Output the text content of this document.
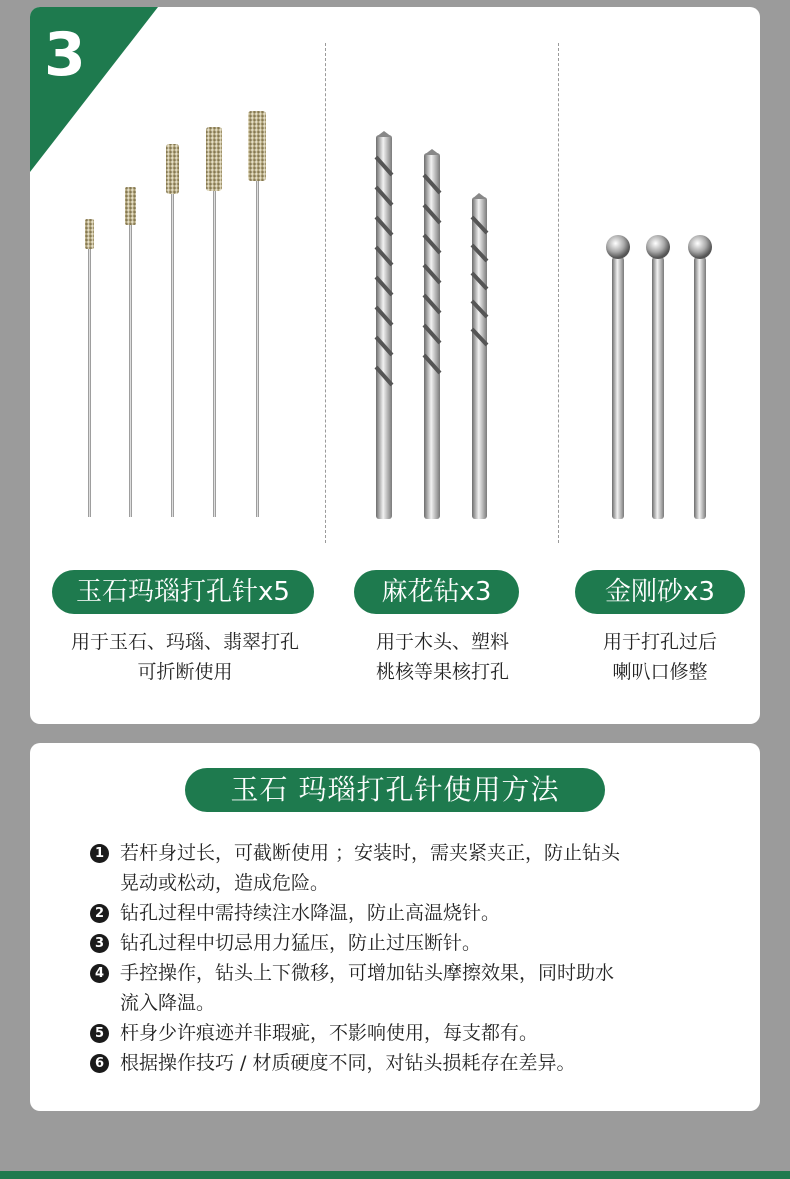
3
玉石玛瑙打孔针x5
用于玉石、玛瑙、翡翠打孔
可折断使用
麻花钻x3
用于木头、塑料
桃核等果核打孔
金刚砂x3
用于打孔过后
喇叭口修整
玉石 玛瑙打孔针使用方法
1 若杆身过长，可截断使用 ；安装时，需夹紧夹正，防止钻头
晃动或松动，造成危险。
2 钻孔过程中需持续注水降温，防止高温烧针。
3 钻孔过程中切忌用力猛压，防止过压断针。
4 手控操作，钻头上下微移，可增加钻头摩擦效果，同时助水
流入降温。
5 杆身少许痕迹并非瑕疵，不影响使用，每支都有。
6 根据操作技巧 / 材质硬度不同，对钻头损耗存在差异。
